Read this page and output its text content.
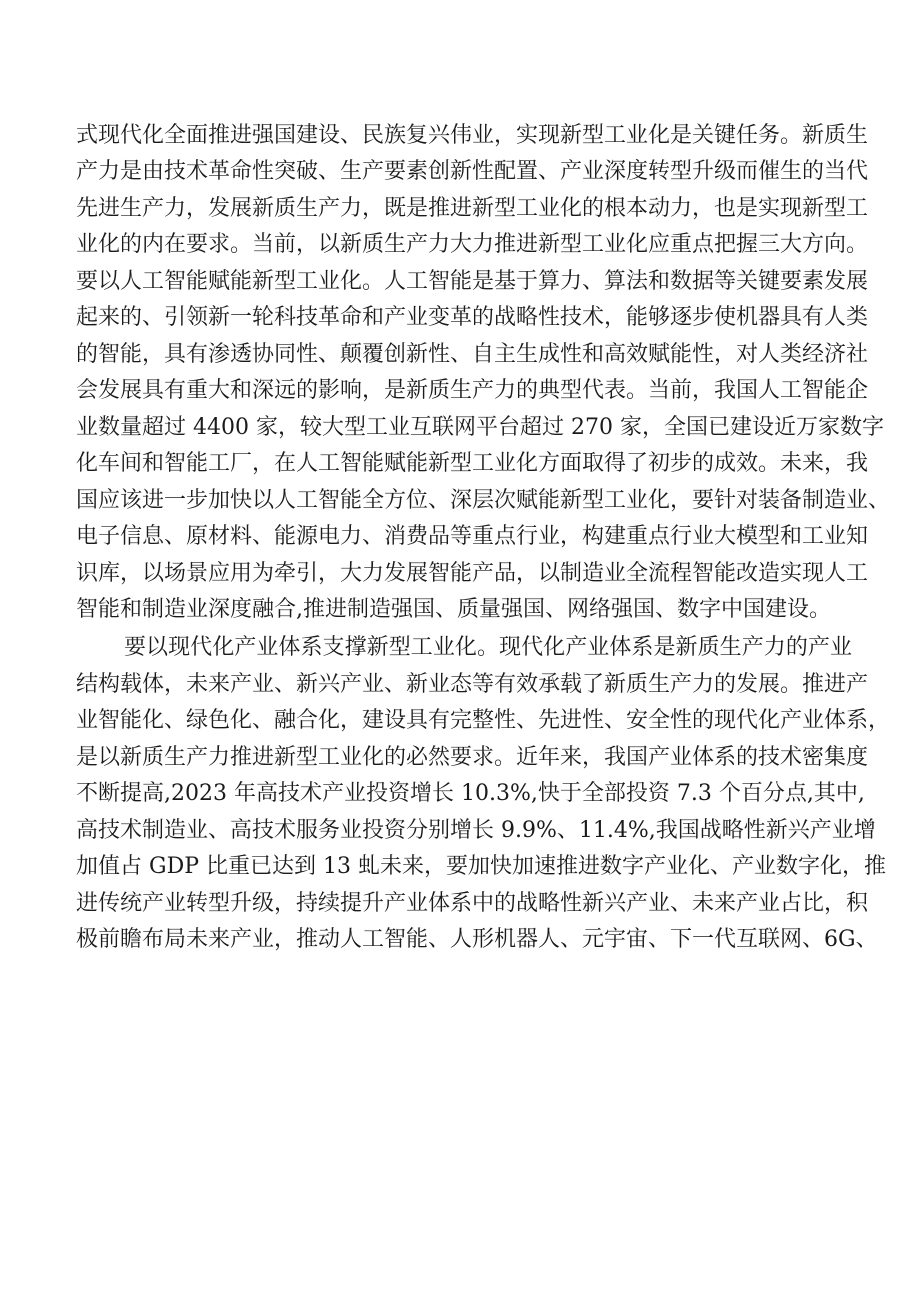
式现代化全面推进强国建设、民族复兴伟业，实现新型工业化是关键任务。新质生
产力是由技术革命性突破、生产要素创新性配置、产业深度转型升级而催生的当代
先进生产力，发展新质生产力，既是推进新型工业化的根本动力，也是实现新型工
业化的内在要求。当前，以新质生产力大力推进新型工业化应重点把握三大方向。
要以人工智能赋能新型工业化。人工智能是基于算力、算法和数据等关键要素发展
起来的、引领新一轮科技革命和产业变革的战略性技术，能够逐步使机器具有人类
的智能，具有渗透协同性、颠覆创新性、自主生成性和高效赋能性，对人类经济社
会发展具有重大和深远的影响，是新质生产力的典型代表。当前，我国人工智能企
业数量超过 4400 家，较大型工业互联网平台超过 270 家，全国已建设近万家数字
化车间和智能工厂，在人工智能赋能新型工业化方面取得了初步的成效。未来，我
国应该进一步加快以人工智能全方位、深层次赋能新型工业化，要针对装备制造业、
电子信息、原材料、能源电力、消费品等重点行业，构建重点行业大模型和工业知
识库，以场景应用为牵引，大力发展智能产品，以制造业全流程智能改造实现人工
智能和制造业深度融合,推进制造强国、质量强国、网络强国、数字中国建设。
要以现代化产业体系支撑新型工业化。现代化产业体系是新质生产力的产业
结构载体，未来产业、新兴产业、新业态等有效承载了新质生产力的发展。推进产
业智能化、绿色化、融合化，建设具有完整性、先进性、安全性的现代化产业体系，
是以新质生产力推进新型工业化的必然要求。近年来，我国产业体系的技术密集度
不断提高,2023 年高技术产业投资增长 10.3%,快于全部投资 7.3 个百分点,其中,
高技术制造业、高技术服务业投资分别增长 9.9%、11.4%,我国战略性新兴产业增
加值占 GDP 比重已达到 13 虬未来，要加快加速推进数字产业化、产业数字化，推
进传统产业转型升级，持续提升产业体系中的战略性新兴产业、未来产业占比，积
极前瞻布局未来产业，推动人工智能、人形机器人、元宇宙、下一代互联网、6G、
